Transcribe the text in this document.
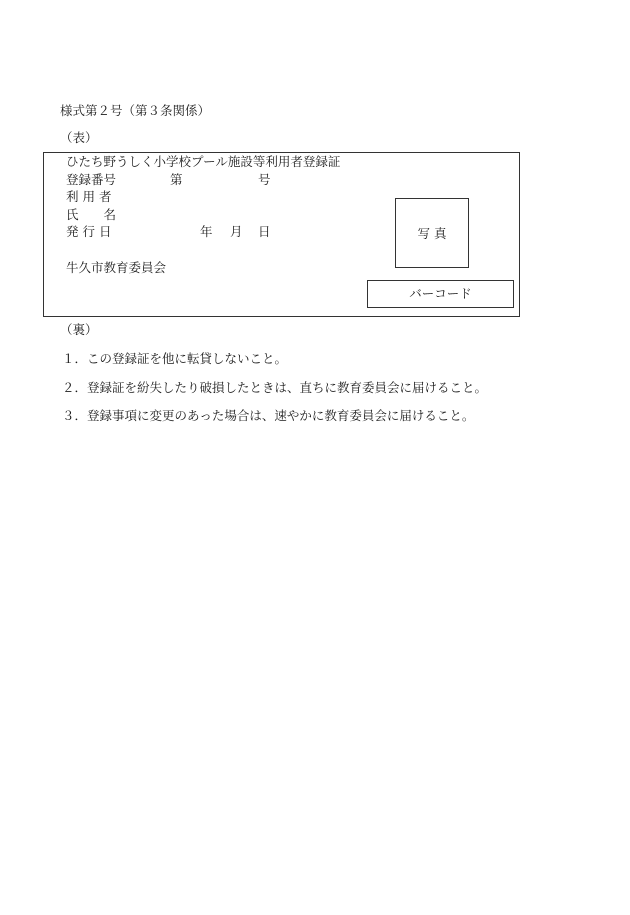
様式第２号（第３条関係）
（表）
ひたち野うしく小学校プール施設等利用者登録証
登録番号	第	号
利 用 者
氏　　名
発 行 日	年 月 日
牛久市教育委員会
写 真
バーコード
（裏）
１．この登録証を他に転貸しないこと。
２．登録証を紛失したり破損したときは、直ちに教育委員会に届けること。
３．登録事項に変更のあった場合は、速やかに教育委員会に届けること。
